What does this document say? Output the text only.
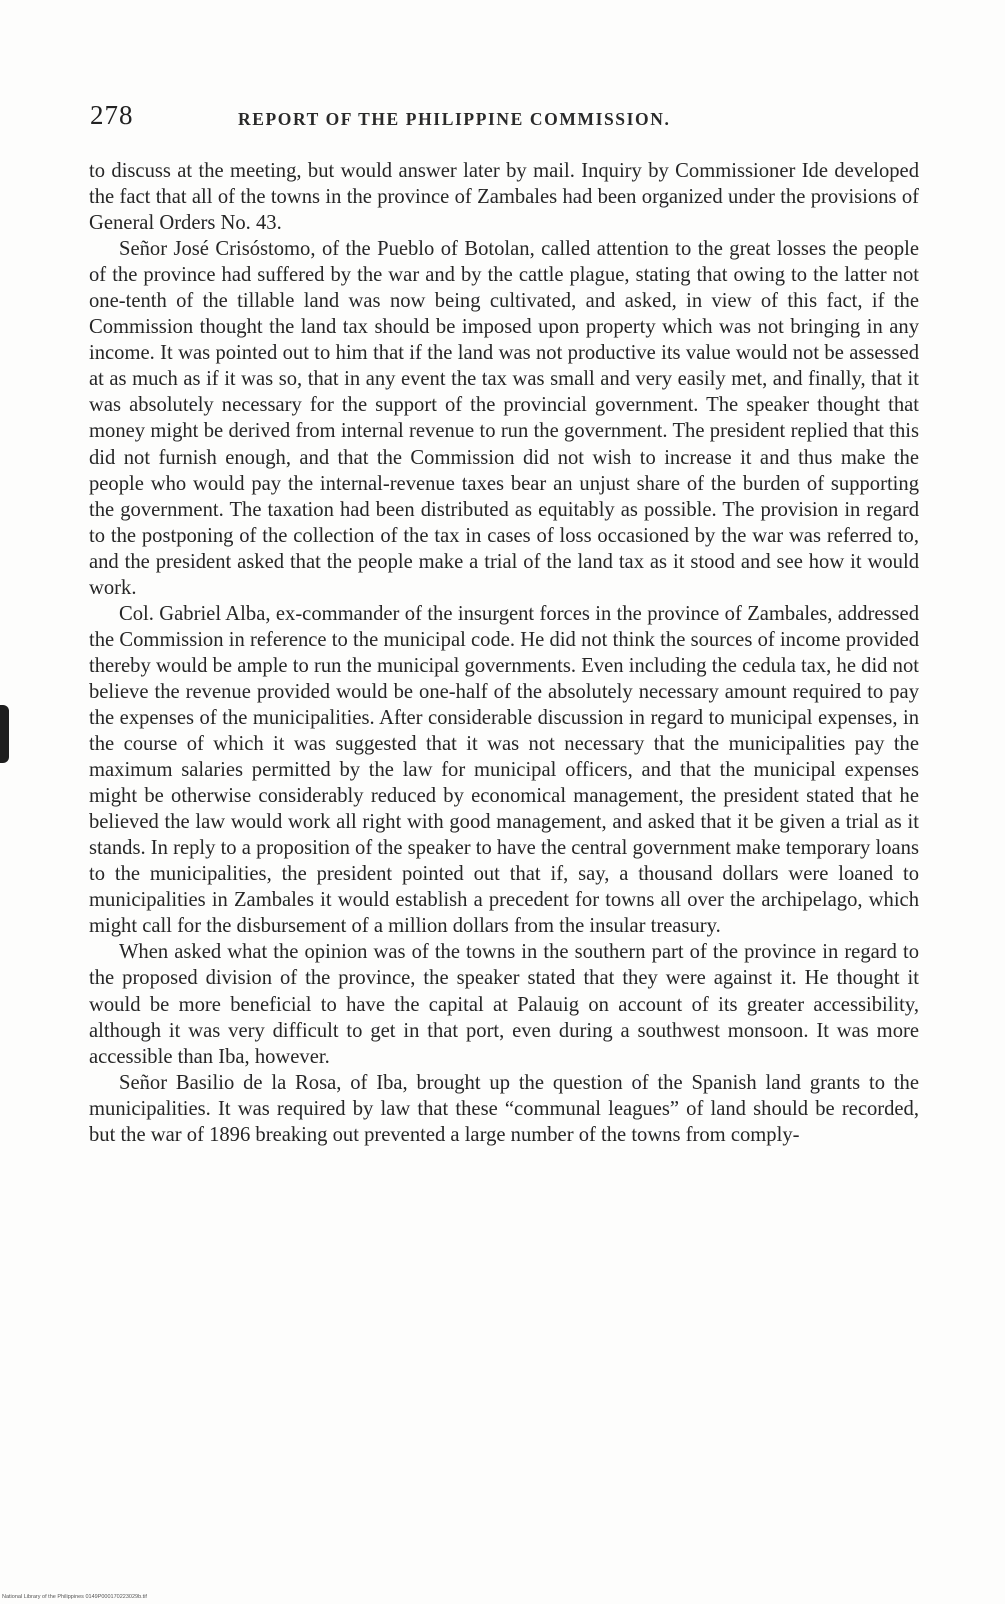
278	REPORT OF THE PHILIPPINE COMMISSION.

to discuss at the meeting, but would answer later by mail. Inquiry by Commissioner Ide developed the fact that all of the towns in the province of Zambales had been organized under the provisions of General Orders No. 43.

Señor José Crisóstomo, of the Pueblo of Botolan, called attention to the great losses the people of the province had suffered by the war and by the cattle plague, stating that owing to the latter not one-tenth of the tillable land was now being cultivated, and asked, in view of this fact, if the Commission thought the land tax should be imposed upon property which was not bringing in any income. It was pointed out to him that if the land was not productive its value would not be assessed at as much as if it was so, that in any event the tax was small and very easily met, and finally, that it was absolutely necessary for the support of the provincial government. The speaker thought that money might be derived from internal revenue to run the government. The president replied that this did not furnish enough, and that the Commission did not wish to increase it and thus make the people who would pay the internal-revenue taxes bear an unjust share of the burden of supporting the government. The taxation had been distributed as equitably as possible. The provision in regard to the postponing of the collection of the tax in cases of loss occasioned by the war was referred to, and the president asked that the people make a trial of the land tax as it stood and see how it would work.

Col. Gabriel Alba, ex-commander of the insurgent forces in the province of Zambales, addressed the Commission in reference to the municipal code. He did not think the sources of income provided thereby would be ample to run the municipal governments. Even including the cedula tax, he did not believe the revenue provided would be one-half of the absolutely necessary amount required to pay the expenses of the municipalities. After considerable discussion in regard to municipal expenses, in the course of which it was suggested that it was not necessary that the municipalities pay the maximum salaries permitted by the law for municipal officers, and that the municipal expenses might be otherwise considerably reduced by economical management, the president stated that he believed the law would work all right with good management, and asked that it be given a trial as it stands. In reply to a proposition of the speaker to have the central government make temporary loans to the municipalities, the president pointed out that if, say, a thousand dollars were loaned to municipalities in Zambales it would establish a precedent for towns all over the archipelago, which might call for the disbursement of a million dollars from the insular treasury.

When asked what the opinion was of the towns in the southern part of the province in regard to the proposed division of the province, the speaker stated that they were against it. He thought it would be more beneficial to have the capital at Palauig on account of its greater accessibility, although it was very difficult to get in that port, even during a southwest monsoon. It was more accessible than Iba, however.

Señor Basilio de la Rosa, of Iba, brought up the question of the Spanish land grants to the municipalities. It was required by law that these “communal leagues” of land should be recorded, but the war of 1896 breaking out prevented a large number of the towns from comply-

National Library of the Philippines 0149P000170223029b.tif
